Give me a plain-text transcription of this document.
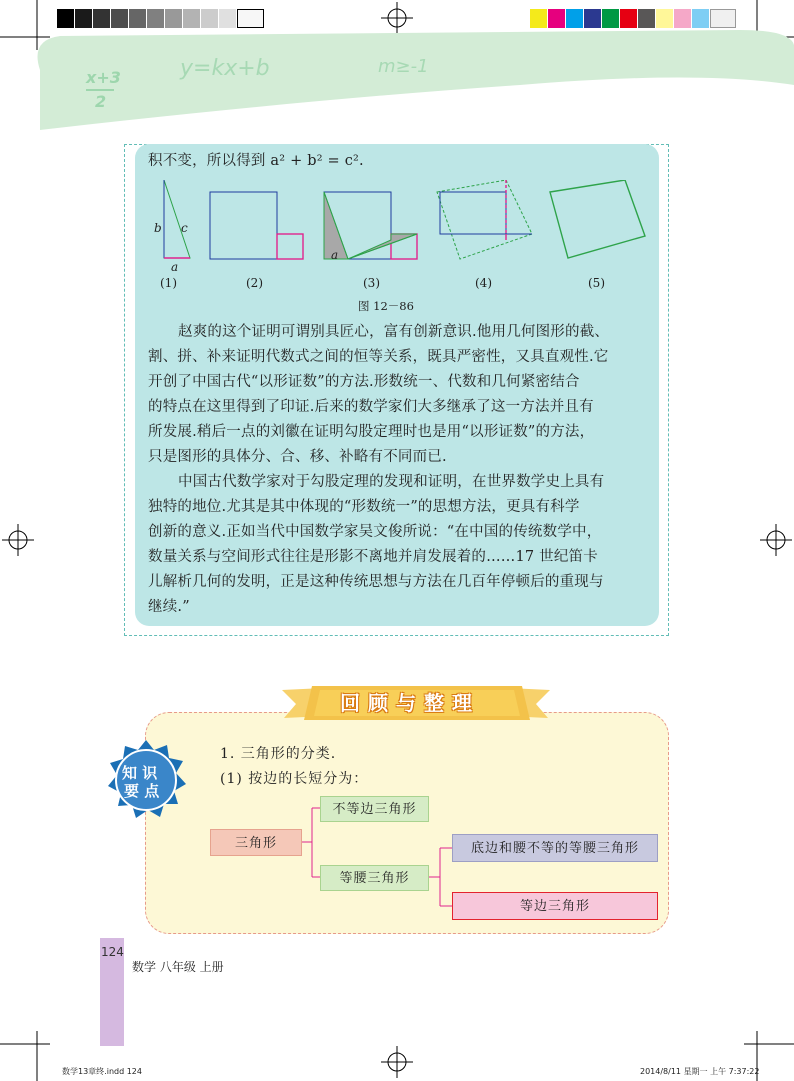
x+3
2
y=kx+b	m≥-1
积不变，所以得到 a² + b² = c².
b c
a
a
(1)	(2)	(3)	(4)	(5)
图 12－86
赵爽的这个证明可谓别具匠心，富有创新意识.他用几何图形的截、
割、拼、补来证明代数式之间的恒等关系，既具严密性，又具直观性.它
开创了中国古代“以形证数”的方法.形数统一、代数和几何紧密结合
的特点在这里得到了印证.后来的数学家们大多继承了这一方法并且有
所发展.稍后一点的刘徽在证明勾股定理时也是用“以形证数”的方法，
只是图形的具体分、合、移、补略有不同而已.
中国古代数学家对于勾股定理的发现和证明，在世界数学史上具有
独特的地位.尤其是其中体现的“形数统一”的思想方法，更具有科学
创新的意义.正如当代中国数学家吴文俊所说：“在中国的传统数学中，
数量关系与空间形式往往是形影不离地并肩发展着的……17 世纪笛卡
儿解析几何的发明，正是这种传统思想与方法在几百年停顿后的重现与
继续.”
回顾与整理
知 识
要 点
1. 三角形的分类.
(1) 按边的长短分为：
三角形
不等边三角形
等腰三角形
底边和腰不等的等腰三角形
等边三角形
124
数学 八年级 上册
数学13章终.indd 124	2014/8/11 星期一 上午 7:37:22
